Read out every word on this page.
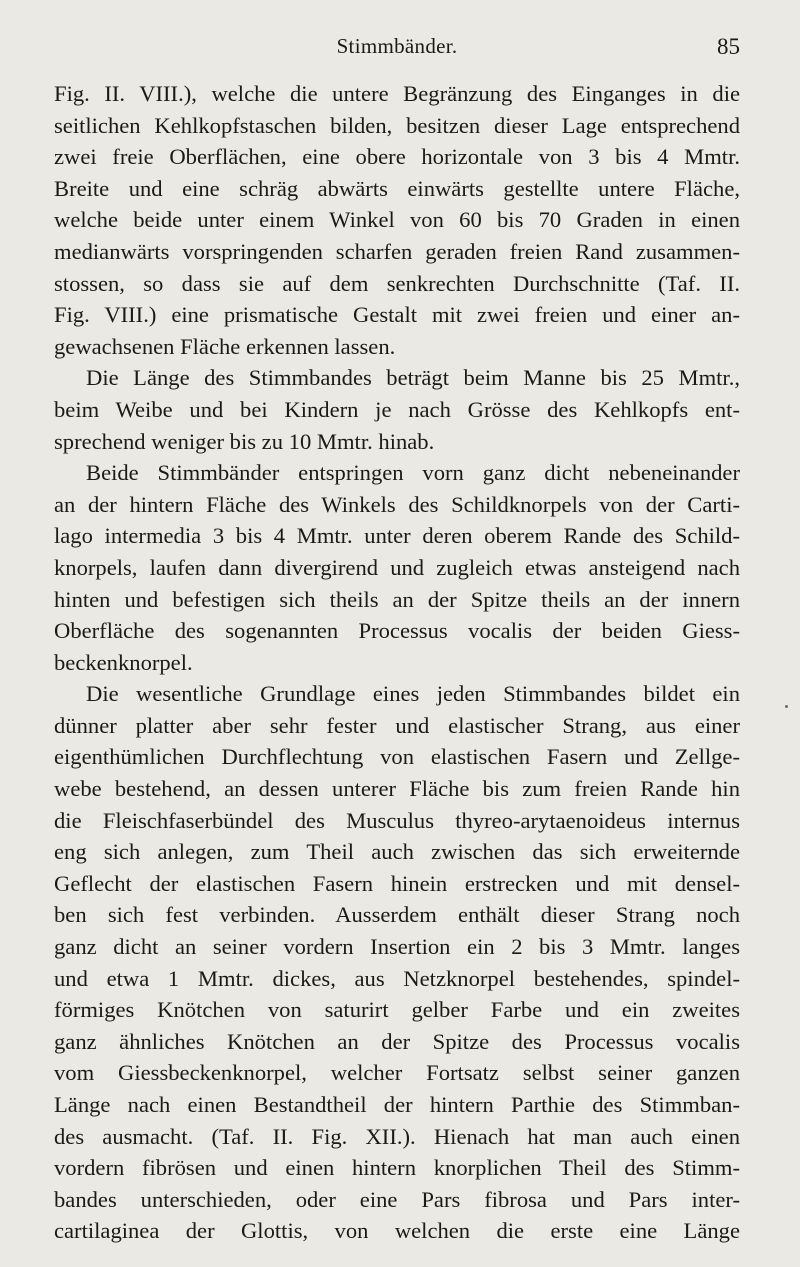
Stimmbänder.	85
Fig. II. VIII.), welche die untere Begränzung des Einganges in die
seitlichen Kehlkopfstaschen bilden, besitzen dieser Lage entsprechend
zwei freie Oberflächen, eine obere horizontale von 3 bis 4 Mmtr.
Breite und eine schräg abwärts einwärts gestellte untere Fläche,
welche beide unter einem Winkel von 60 bis 70 Graden in einen
medianwärts vorspringenden scharfen geraden freien Rand zusammen-
stossen, so dass sie auf dem senkrechten Durchschnitte (Taf. II.
Fig. VIII.) eine prismatische Gestalt mit zwei freien und einer an-
gewachsenen Fläche erkennen lassen.
Die Länge des Stimmbandes beträgt beim Manne bis 25 Mmtr.,
beim Weibe und bei Kindern je nach Grösse des Kehlkopfs ent-
sprechend weniger bis zu 10 Mmtr. hinab.
Beide Stimmbänder entspringen vorn ganz dicht nebeneinander
an der hintern Fläche des Winkels des Schildknorpels von der Carti-
lago intermedia 3 bis 4 Mmtr. unter deren oberem Rande des Schild-
knorpels, laufen dann divergirend und zugleich etwas ansteigend nach
hinten und befestigen sich theils an der Spitze theils an der innern
Oberfläche des sogenannten Processus vocalis der beiden Giess-
beckenknorpel.
Die wesentliche Grundlage eines jeden Stimmbandes bildet ein
dünner platter aber sehr fester und elastischer Strang, aus einer
eigenthümlichen Durchflechtung von elastischen Fasern und Zellge-
webe bestehend, an dessen unterer Fläche bis zum freien Rande hin
die Fleischfaserbündel des Musculus thyreo-arytaenoideus internus
eng sich anlegen, zum Theil auch zwischen das sich erweiternde
Geflecht der elastischen Fasern hinein erstrecken und mit densel-
ben sich fest verbinden. Ausserdem enthält dieser Strang noch
ganz dicht an seiner vordern Insertion ein 2 bis 3 Mmtr. langes
und etwa 1 Mmtr. dickes, aus Netzknorpel bestehendes, spindel-
förmiges Knötchen von saturirt gelber Farbe und ein zweites
ganz ähnliches Knötchen an der Spitze des Processus vocalis
vom Giessbeckenknorpel, welcher Fortsatz selbst seiner ganzen
Länge nach einen Bestandtheil der hintern Parthie des Stimmban-
des ausmacht. (Taf. II. Fig. XII.). Hienach hat man auch einen
vordern fibrösen und einen hintern knorplichen Theil des Stimm-
bandes unterschieden, oder eine Pars fibrosa und Pars inter-
cartilaginea der Glottis, von welchen die erste eine Länge
